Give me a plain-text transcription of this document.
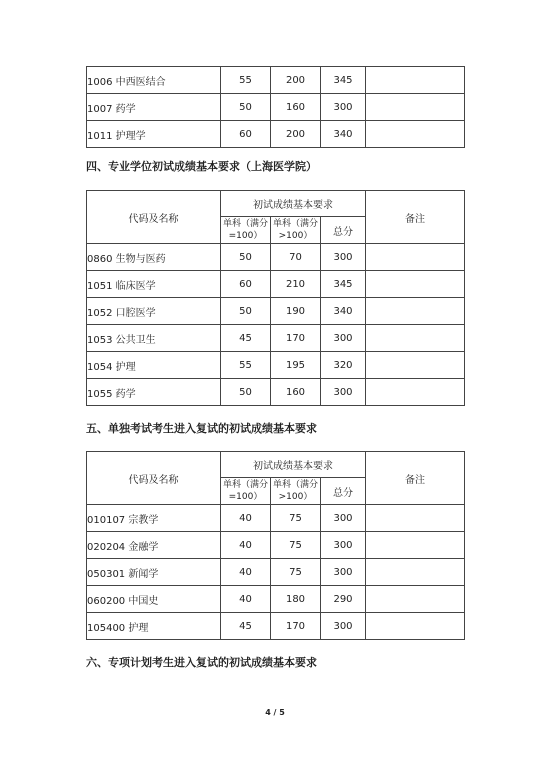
1006 中西医结合	55	200	345	
1007 药学	50	160	300	
1011 护理学	60	200	340	
四、专业学位初试成绩基本要求（上海医学院）
代码及名称	初试成绩基本要求			备注
	单科（满分=100）	单科（满分>100）	总分	
0860 生物与医药	50	70	300	
1051 临床医学	60	210	345	
1052 口腔医学	50	190	340	
1053 公共卫生	45	170	300	
1054 护理	55	195	320	
1055 药学	50	160	300	
五、单独考试考生进入复试的初试成绩基本要求
代码及名称	初试成绩基本要求			备注
	单科（满分=100）	单科（满分>100）	总分	
010107 宗教学	40	75	300	
020204 金融学	40	75	300	
050301 新闻学	40	75	300	
060200 中国史	40	180	290	
105400 护理	45	170	300	
六、专项计划考生进入复试的初试成绩基本要求
4 / 5
